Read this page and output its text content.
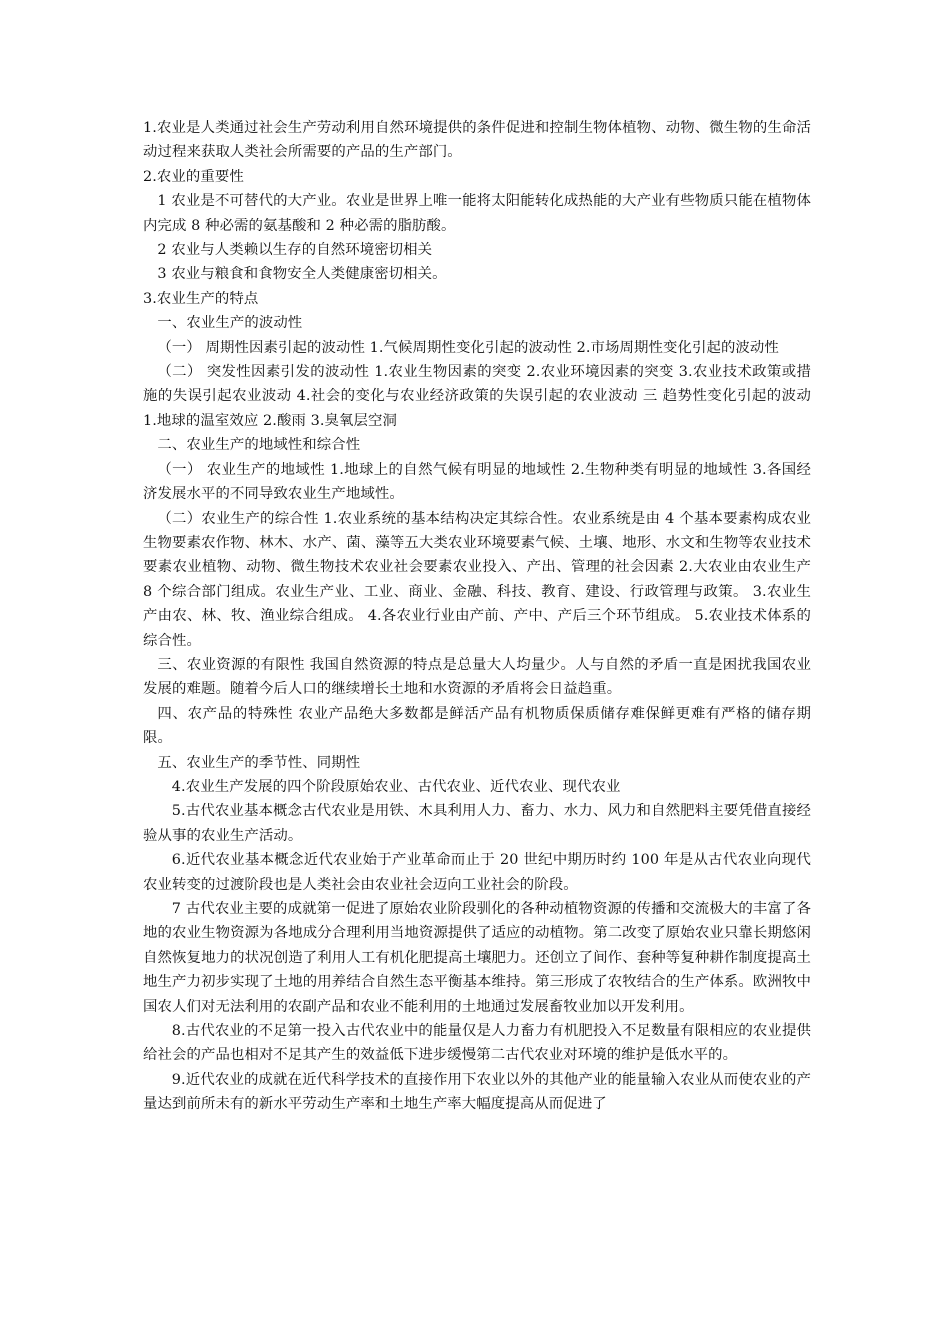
1.农业是人类通过社会生产劳动利用自然环境提供的条件促进和控制生物体植物、动物、微生物的生命活动过程来获取人类社会所需要的产品的生产部门。

2.农业的重要性

1 农业是不可替代的大产业。农业是世界上唯一能将太阳能转化成热能的大产业有些物质只能在植物体内完成 8 种必需的氨基酸和 2 种必需的脂肪酸。

2 农业与人类赖以生存的自然环境密切相关

3 农业与粮食和食物安全人类健康密切相关。

3.农业生产的特点

一、农业生产的波动性

（一） 周期性因素引起的波动性 1.气候周期性变化引起的波动性 2.市场周期性变化引起的波动性

（二） 突发性因素引发的波动性 1.农业生物因素的突变 2.农业环境因素的突变 3.农业技术政策或措施的失误引起农业波动 4.社会的变化与农业经济政策的失误引起的农业波动 三 趋势性变化引起的波动 1.地球的温室效应 2.酸雨 3.臭氧层空洞

二、农业生产的地域性和综合性

（一） 农业生产的地域性 1.地球上的自然气候有明显的地域性 2.生物种类有明显的地域性 3.各国经济发展水平的不同导致农业生产地域性。

（二）农业生产的综合性 1.农业系统的基本结构决定其综合性。农业系统是由 4 个基本要素构成农业生物要素农作物、林木、水产、菌、藻等五大类农业环境要素气候、土壤、地形、水文和生物等农业技术要素农业植物、动物、微生物技术农业社会要素农业投入、产出、管理的社会因素 2.大农业由农业生产 8 个综合部门组成。农业生产业、工业、商业、金融、科技、教育、建设、行政管理与政策。 3.农业生产由农、林、牧、渔业综合组成。 4.各农业行业由产前、产中、产后三个环节组成。 5.农业技术体系的综合性。

三、农业资源的有限性 我国自然资源的特点是总量大人均量少。人与自然的矛盾一直是困扰我国农业发展的难题。随着今后人口的继续增长土地和水资源的矛盾将会日益趋重。

四、农产品的特殊性 农业产品绝大多数都是鲜活产品有机物质保质储存难保鲜更难有严格的储存期限。

五、农业生产的季节性、同期性

4.农业生产发展的四个阶段原始农业、古代农业、近代农业、现代农业

5.古代农业基本概念古代农业是用铁、木具利用人力、畜力、水力、风力和自然肥料主要凭借直接经验从事的农业生产活动。

6.近代农业基本概念近代农业始于产业革命而止于 20 世纪中期历时约 100 年是从古代农业向现代农业转变的过渡阶段也是人类社会由农业社会迈向工业社会的阶段。

7 古代农业主要的成就第一促进了原始农业阶段驯化的各种动植物资源的传播和交流极大的丰富了各地的农业生物资源为各地成分合理利用当地资源提供了适应的动植物。第二改变了原始农业只靠长期悠闲自然恢复地力的状况创造了利用人工有机化肥提高土壤肥力。还创立了间作、套种等复种耕作制度提高土地生产力初步实现了土地的用养结合自然生态平衡基本维持。第三形成了农牧结合的生产体系。欧洲牧中国农人们对无法利用的农副产品和农业不能利用的土地通过发展畜牧业加以开发利用。

8.古代农业的不足第一投入古代农业中的能量仅是人力畜力有机肥投入不足数量有限相应的农业提供给社会的产品也相对不足其产生的效益低下进步缓慢第二古代农业对环境的维护是低水平的。

9.近代农业的成就在近代科学技术的直接作用下农业以外的其他产业的能量输入农业从而使农业的产量达到前所未有的新水平劳动生产率和土地生产率大幅度提高从而促进了
